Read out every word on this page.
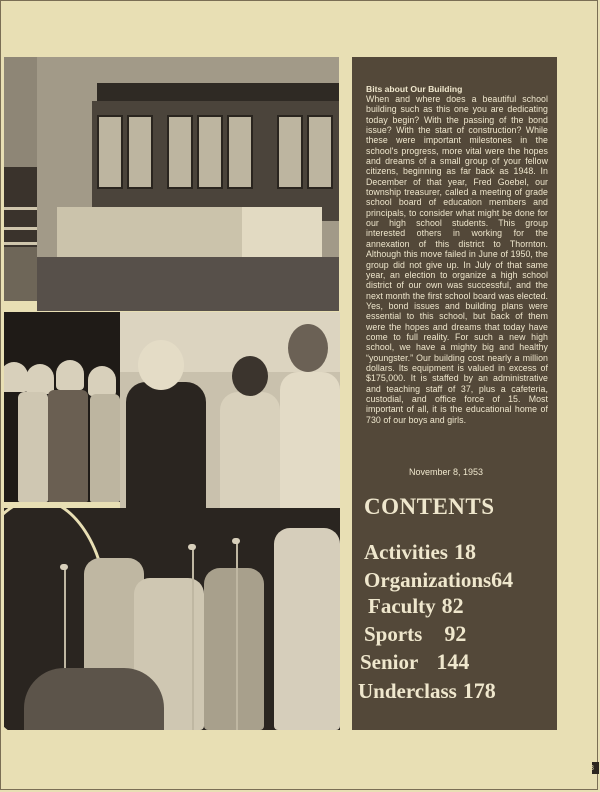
Bits about Our Building

When and where does a beautiful school building such as this one you are dedicating today begin? With the passing of the bond issue? With the start of construction? While these were important milestones in the school's progress, more vital were the hopes and dreams of a small group of your fellow citizens, beginning as far back as 1948. In December of that year, Fred Goebel, our township treasurer, called a meeting of grade school board of education members and principals, to consider what might be done for our high school students. This group interested others in working for the annexation of this district to Thornton. Although this move failed in June of 1950, the group did not give up. In July of that same year, an election to organize a high school district of our own was successful, and the next month the first school board was elected. Yes, bond issues and building plans were essential to this school, but back of them were the hopes and dreams that today have come to full reality. For such a new high school, we have a mighty big and healthy “youngster.” Our building cost nearly a million dollars. Its equipment is valued in excess of $175,000. It is staffed by an administrative and teaching staff of 37, plus a cafeteria, custodial, and office force of 15. Most important of all, it is the educational home of 730 of our boys and girls.

November 8, 1953

CONTENTS
Activities 18
Organizations64
Faculty 82
Sports 92
Senior 144
Underclass 178
3
